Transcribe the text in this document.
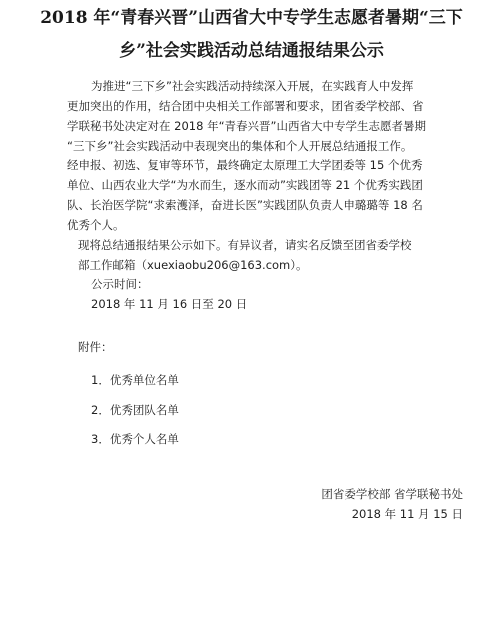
2018 年“青春兴晋”山西省大中专学生志愿者暑期“三下
乡”社会实践活动总结通报结果公示
为推进“三下乡”社会实践活动持续深入开展，在实践育人中发挥
更加突出的作用，结合团中央相关工作部署和要求，团省委学校部、省
学联秘书处决定对在 2018 年“青春兴晋”山西省大中专学生志愿者暑期
“三下乡”社会实践活动中表现突出的集体和个人开展总结通报工作。
经申报、初选、复审等环节，最终确定太原理工大学团委等 15 个优秀
单位、山西农业大学“为水而生，逐水而动”实践团等 21 个优秀实践团
队、长治医学院“求索濩泽，奋进长医”实践团队负责人申璐璐等 18 名
优秀个人。
现将总结通报结果公示如下。有异议者，请实名反馈至团省委学校
部工作邮箱（xuexiaobu206@163.com）。
公示时间：
2018 年 11 月 16 日至 20 日
附件：
1．优秀单位名单
2．优秀团队名单
3．优秀个人名单
团省委学校部 省学联秘书处
2018 年 11 月 15 日
